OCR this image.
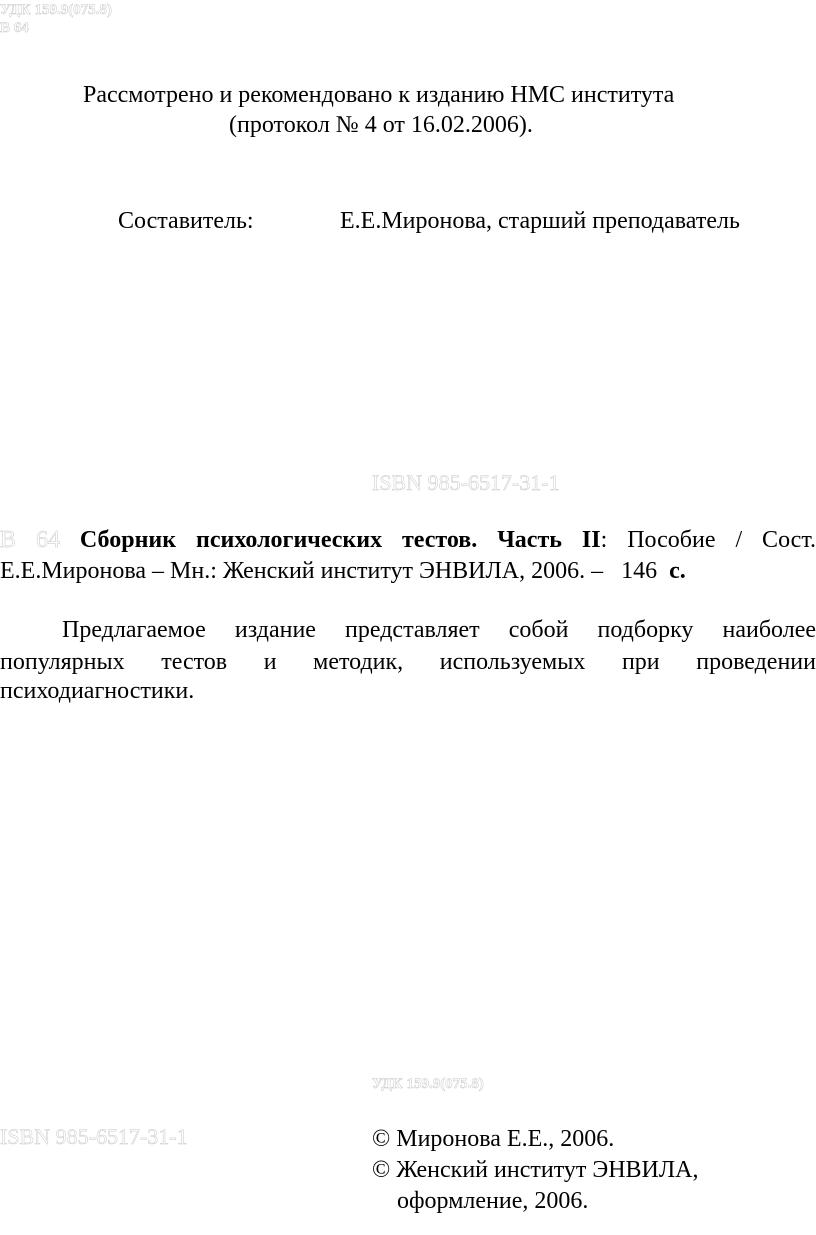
УДК 159.9(075.8)

В 64

Рассмотрено и рекомендовано к изданию НМС института

(протокол № 4 от 16.02.2006).

Составитель:	Е.Е.Миронова, старший преподаватель

ISBN 985-6517-31-1

В 64 Сборник психологических тестов. Часть II: Пособие / Сост.

Е.Е.Миронова – Мн.: Женский институт ЭНВИЛА, 2006. – 146 с.

Предлагаемое издание представляет собой подборку наиболее

популярных тестов и методик, используемых при проведении

психодиагностики.

УДК 159.9(075.8)

ISBN 985-6517-31-1	© Миронова Е.Е., 2006.

© Женский институт ЭНВИЛА,

оформление, 2006.
